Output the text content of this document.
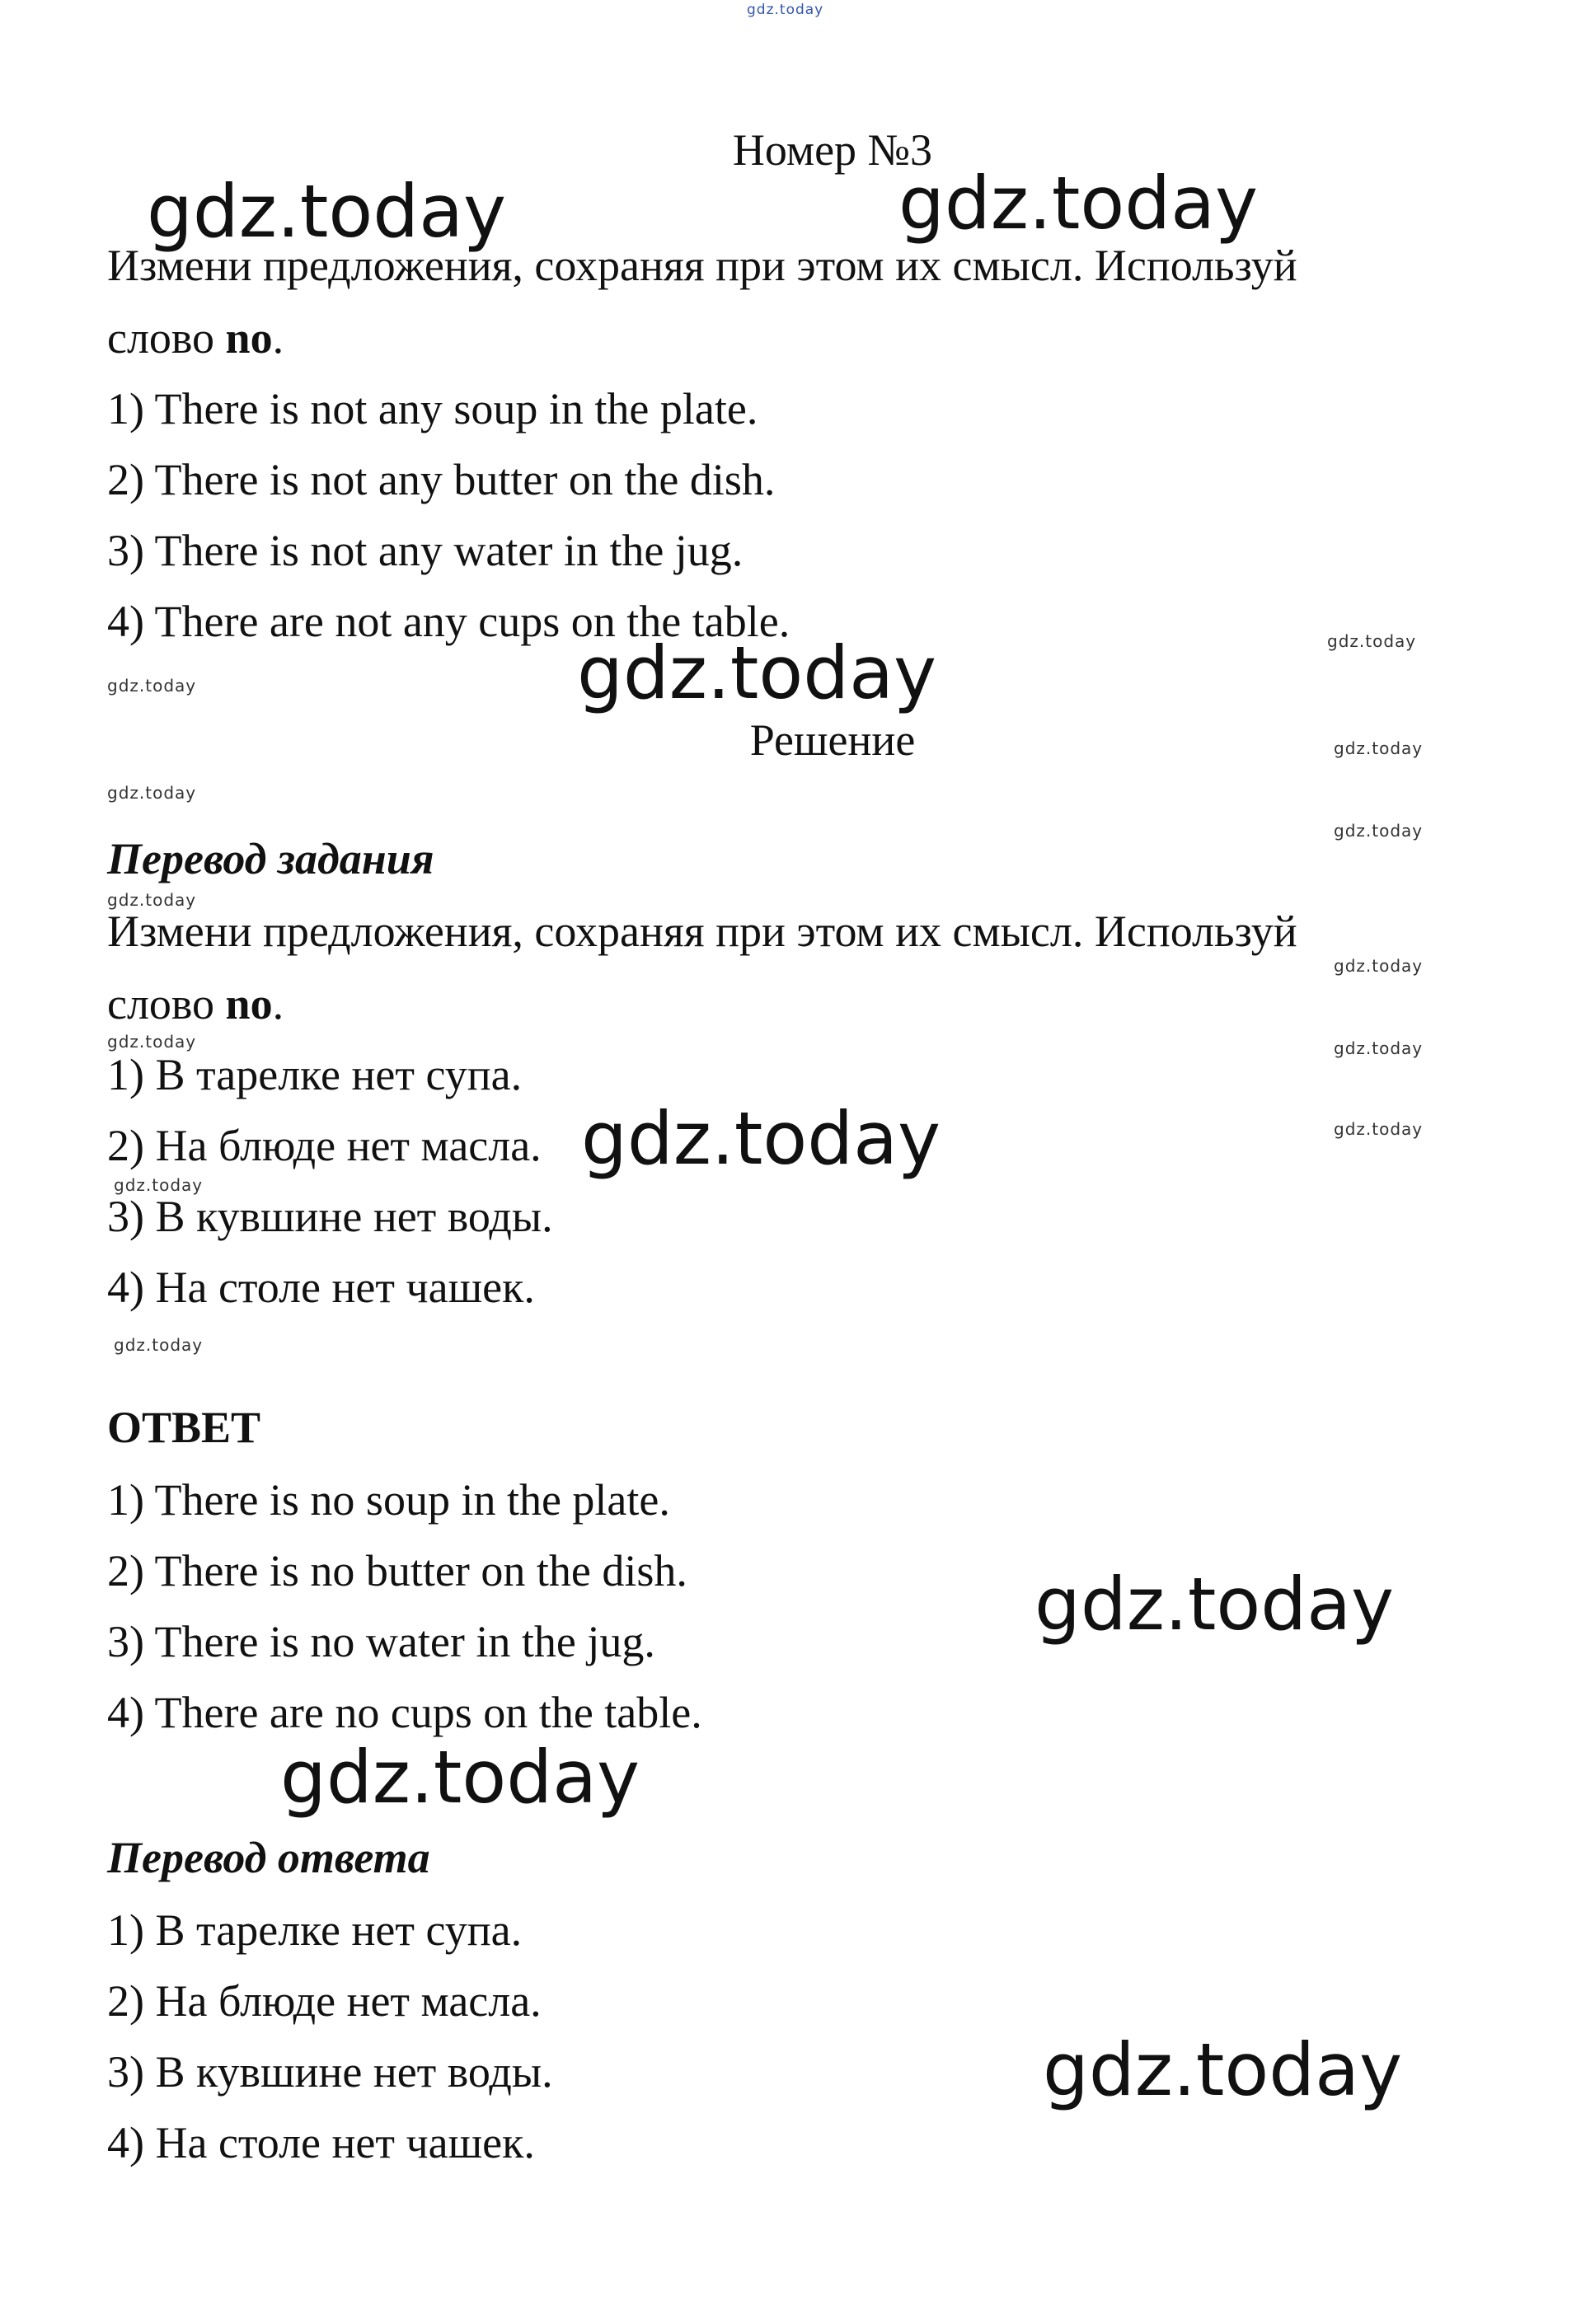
Номер №3
Измени предложения, сохраняя при этом их смысл. Используй
слово no.
1) There is not any soup in the plate.
2) There is not any butter on the dish.
3) There is not any water in the jug.
4) There are not any cups on the table.
Решение
Перевод задания
Измени предложения, сохраняя при этом их смысл. Используй
слово no.
1) В тарелке нет супа.
2) На блюде нет масла.
3) В кувшине нет воды.
4) На столе нет чашек.
ОТВЕТ
1) There is no soup in the plate.
2) There is no butter on the dish.
3) There is no water in the jug.
4) There are no cups on the table.
Перевод ответа
1) В тарелке нет супа.
2) На блюде нет масла.
3) В кувшине нет воды.
4) На столе нет чашек.
gdz.today	gdz.today
gdz.today
gdz.today
gdz.today
gdz.today
gdz.today
gdz.today
gdz.today
gdz.today
gdz.today
gdz.today
gdz.today
gdz.today
gdz.today
gdz.today	gdz.today
gdz.today
gdz.today
gdz.today
